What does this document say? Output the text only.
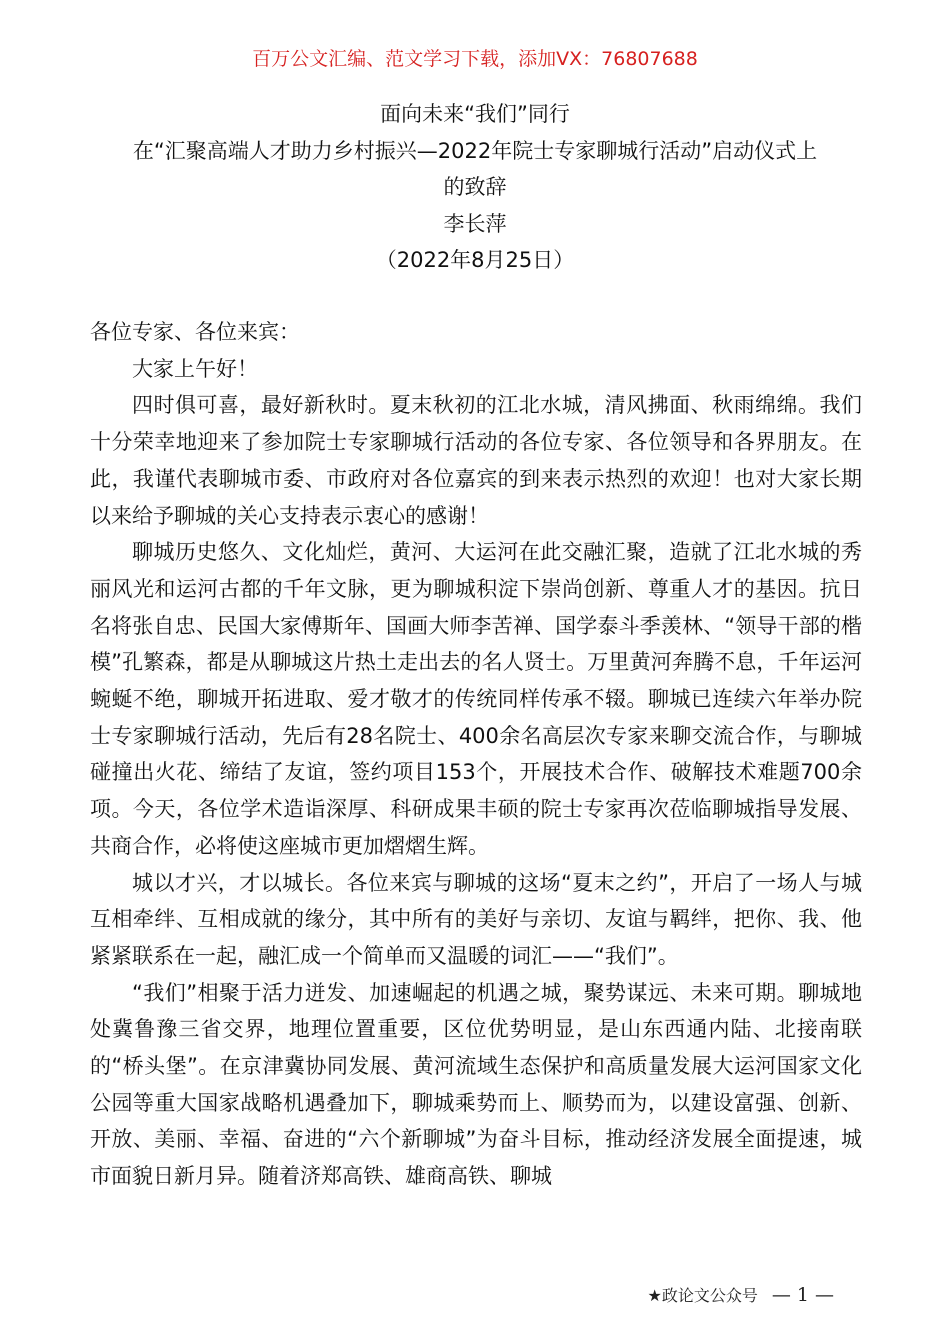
百万公文汇编、范文学习下载，添加VX：76807688
面向未来“我们”同行
在“汇聚高端人才助力乡村振兴—2022年院士专家聊城行活动”启动仪式上
的致辞
李长萍
（2022年8月25日）

各位专家、各位来宾：

大家上午好！

四时俱可喜，最好新秋时。夏末秋初的江北水城，清风拂面、秋雨绵绵。我们十分荣幸地迎来了参加院士专家聊城行活动的各位专家、各位领导和各界朋友。在此，我谨代表聊城市委、市政府对各位嘉宾的到来表示热烈的欢迎！也对大家长期以来给予聊城的关心支持表示衷心的感谢！

聊城历史悠久、文化灿烂，黄河、大运河在此交融汇聚，造就了江北水城的秀丽风光和运河古都的千年文脉，更为聊城积淀下崇尚创新、尊重人才的基因。抗日名将张自忠、民国大家傅斯年、国画大师李苦禅、国学泰斗季羡林、“领导干部的楷模”孔繁森，都是从聊城这片热土走出去的名人贤士。万里黄河奔腾不息，千年运河蜿蜒不绝，聊城开拓进取、爱才敬才的传统同样传承不辍。聊城已连续六年举办院士专家聊城行活动，先后有28名院士、400余名高层次专家来聊交流合作，与聊城碰撞出火花、缔结了友谊，签约项目153个，开展技术合作、破解技术难题700余项。今天，各位学术造诣深厚、科研成果丰硕的院士专家再次莅临聊城指导发展、共商合作，必将使这座城市更加熠熠生辉。

城以才兴，才以城长。各位来宾与聊城的这场“夏末之约”，开启了一场人与城互相牵绊、互相成就的缘分，其中所有的美好与亲切、友谊与羁绊，把你、我、他紧紧联系在一起，融汇成一个简单而又温暖的词汇——“我们”。

“我们”相聚于活力迸发、加速崛起的机遇之城，聚势谋远、未来可期。聊城地处冀鲁豫三省交界，地理位置重要，区位优势明显，是山东西通内陆、北接南联的“桥头堡”。在京津冀协同发展、黄河流域生态保护和高质量发展大运河国家文化公园等重大国家战略机遇叠加下，聊城乘势而上、顺势而为，以建设富强、创新、开放、美丽、幸福、奋进的“六个新聊城”为奋斗目标，推动经济发展全面提速，城市面貌日新月异。随着济郑高铁、雄商高铁、聊城

★政论文公众号 — 1 —
